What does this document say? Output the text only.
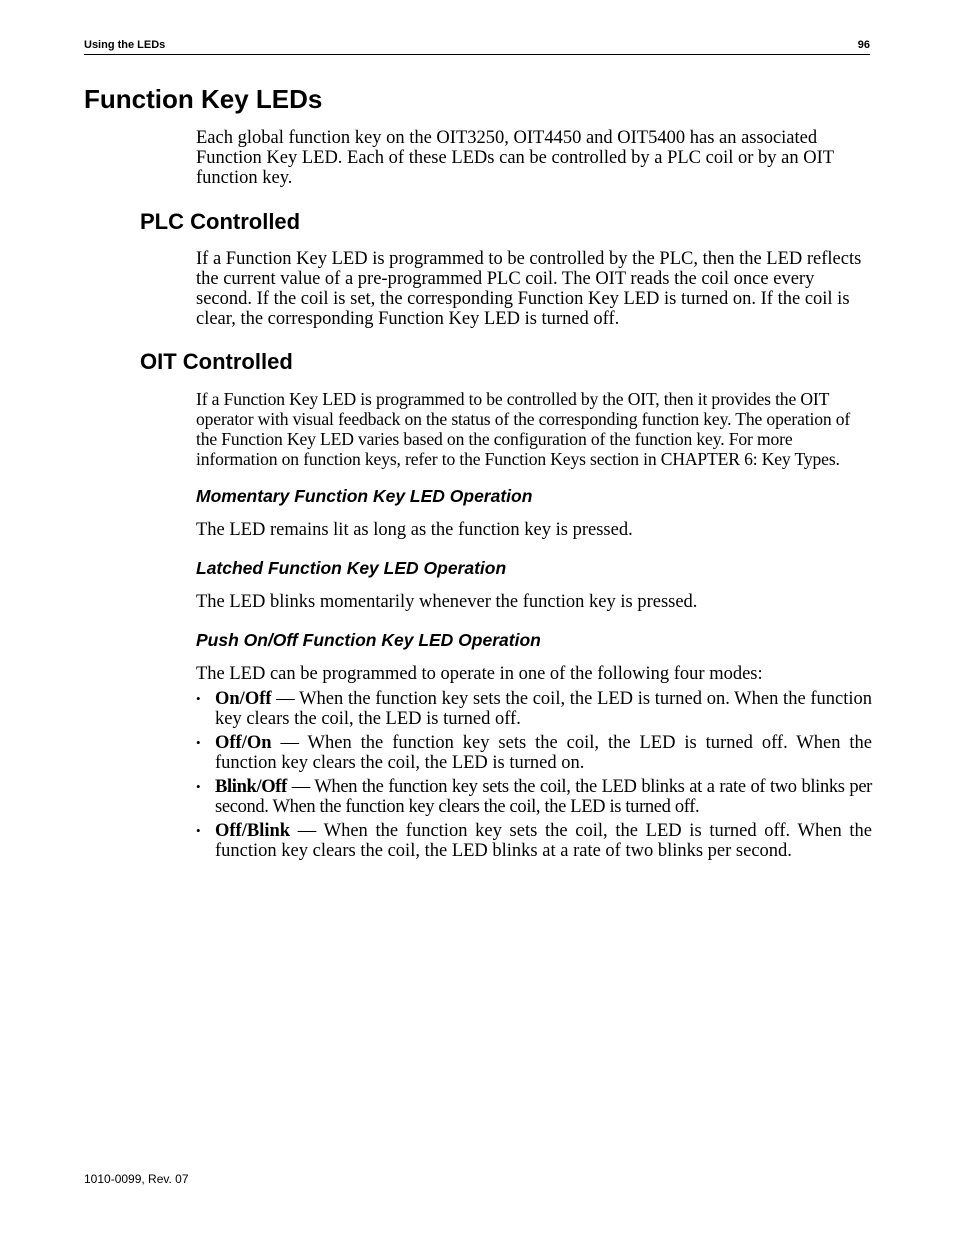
Using the LEDs	96
Function Key LEDs
Each global function key on the OIT3250, OIT4450 and OIT5400 has an associated Function Key LED. Each of these LEDs can be controlled by a PLC coil or by an OIT function key.
PLC Controlled
If a Function Key LED is programmed to be controlled by the PLC, then the LED reflects the current value of a pre-programmed PLC coil. The OIT reads the coil once every second. If the coil is set, the corresponding Function Key LED is turned on. If the coil is clear, the corresponding Function Key LED is turned off.
OIT Controlled
If a Function Key LED is programmed to be controlled by the OIT, then it provides the OIT operator with visual feedback on the status of the corresponding function key. The operation of the Function Key LED varies based on the configuration of the function key. For more information on function keys, refer to the Function Keys section in CHAPTER 6: Key Types.
Momentary Function Key LED Operation
The LED remains lit as long as the function key is pressed.
Latched Function Key LED Operation
The LED blinks momentarily whenever the function key is pressed.
Push On/Off Function Key LED Operation
The LED can be programmed to operate in one of the following four modes:
• On/Off — When the function key sets the coil, the LED is turned on. When the function key clears the coil, the LED is turned off.
• Off/On — When the function key sets the coil, the LED is turned off. When the function key clears the coil, the LED is turned on.
• Blink/Off — When the function key sets the coil, the LED blinks at a rate of two blinks per second. When the function key clears the coil, the LED is turned off.
• Off/Blink — When the function key sets the coil, the LED is turned off. When the function key clears the coil, the LED blinks at a rate of two blinks per second.
1010-0099, Rev. 07
